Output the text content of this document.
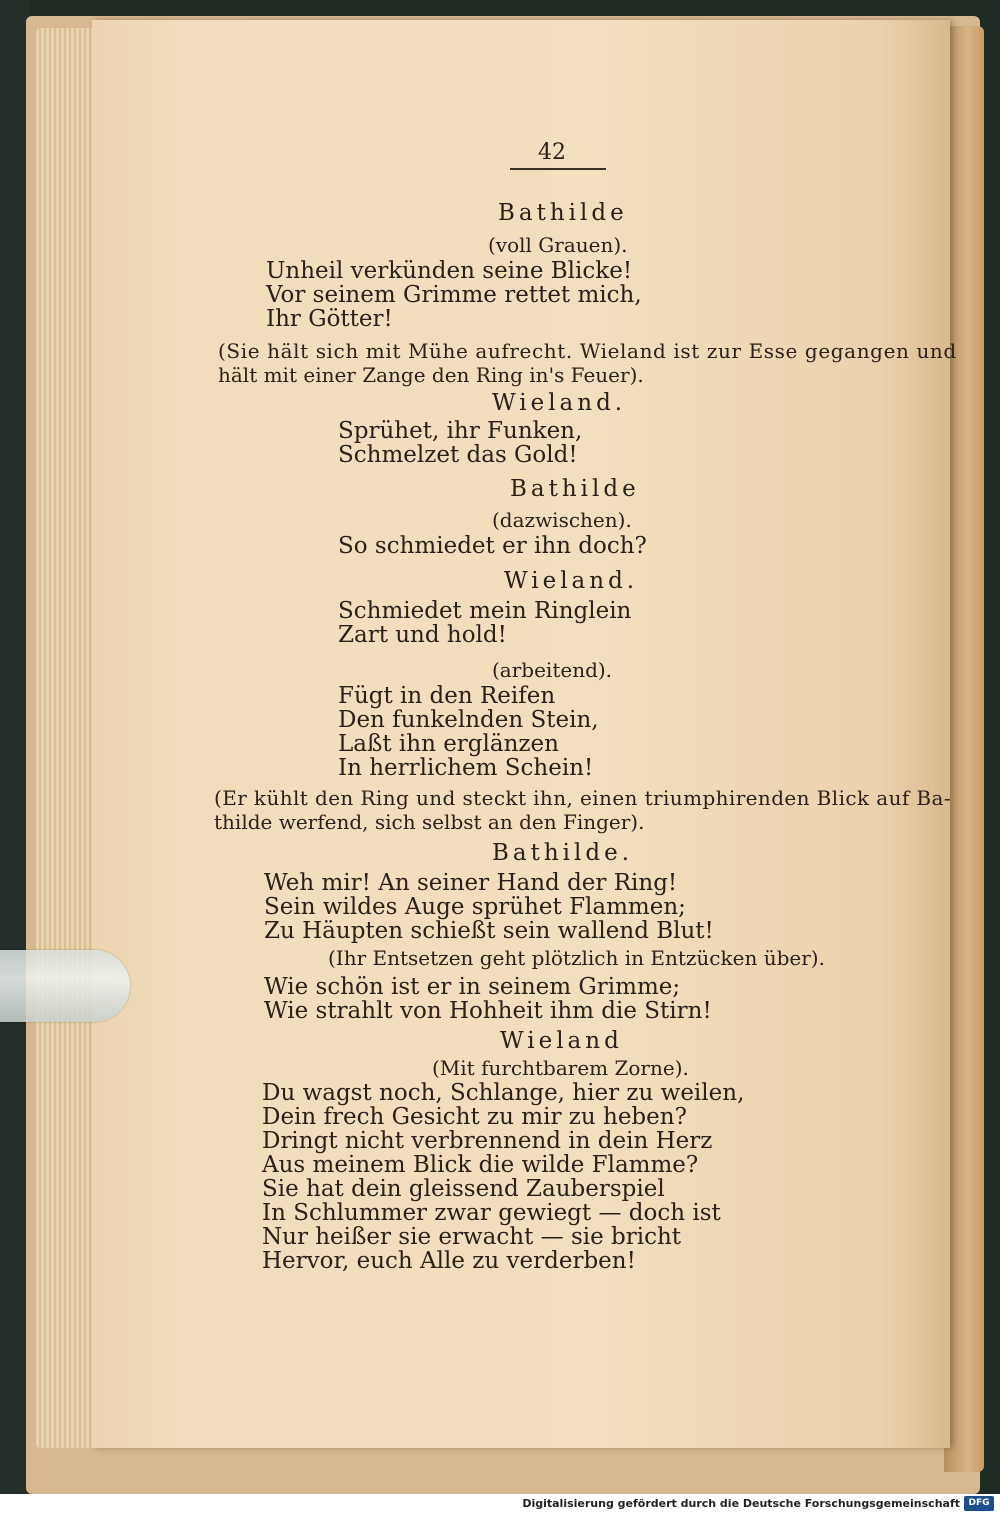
42
Bathilde
(voll Grauen).
Unheil verkünden seine Blicke!
Vor seinem Grimme rettet mich,
Ihr Götter!
(Sie hält sich mit Mühe aufrecht. Wieland ist zur Esse gegangen und
hält mit einer Zange den Ring in's Feuer).
Wieland.
Sprühet, ihr Funken,
Schmelzet das Gold!
Bathilde
(dazwischen).
So schmiedet er ihn doch?
Wieland.
Schmiedet mein Ringlein
Zart und hold!
(arbeitend).
Fügt in den Reifen
Den funkelnden Stein,
Laßt ihn erglänzen
In herrlichem Schein!
(Er kühlt den Ring und steckt ihn, einen triumphirenden Blick auf Ba-
thilde werfend, sich selbst an den Finger).
Bathilde.
Weh mir! An seiner Hand der Ring!
Sein wildes Auge sprühet Flammen;
Zu Häupten schießt sein wallend Blut!
(Ihr Entsetzen geht plötzlich in Entzücken über).
Wie schön ist er in seinem Grimme;
Wie strahlt von Hohheit ihm die Stirn!
Wieland
(Mit furchtbarem Zorne).
Du wagst noch, Schlange, hier zu weilen,
Dein frech Gesicht zu mir zu heben?
Dringt nicht verbrennend in dein Herz
Aus meinem Blick die wilde Flamme?
Sie hat dein gleissend Zauberspiel
In Schlummer zwar gewiegt — doch ist
Nur heißer sie erwacht — sie bricht
Hervor, euch Alle zu verderben!
Digitalisierung gefördert durch die Deutsche Forschungsgemeinschaft DFG
